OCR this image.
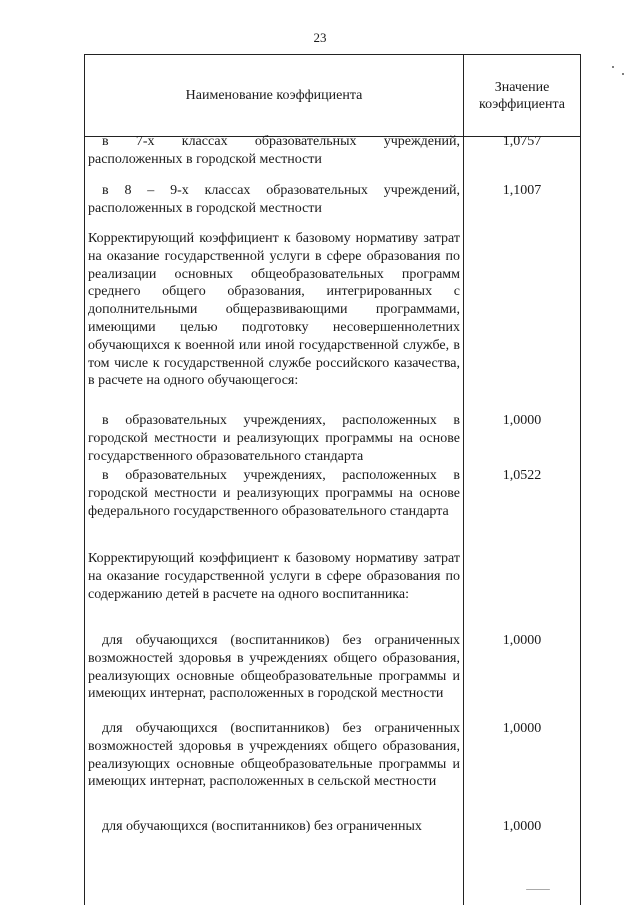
23
Наименование коэффициента
Значение
коэффициента
в 7-х классах образовательных учреждений, расположенных в городской местности
1,0757
в 8 – 9-х классах образовательных учреждений, расположенных в городской местности
1,1007
Корректирующий коэффициент к базовому нормативу затрат на оказание государственной услуги в сфере образования по реализации основных общеобразовательных программ среднего общего образования, интегрированных с дополнительными общеразвивающими программами, имеющими целью подготовку несовершеннолетних обучающихся к военной или иной государственной службе, в том числе к государственной службе российского казачества, в расчете на одного обучающегося:
в образовательных учреждениях, расположенных в городской местности и реализующих программы на основе государственного образовательного стандарта
1,0000
в образовательных учреждениях, расположенных в городской местности и реализующих программы на основе федерального государственного образовательного стандарта
1,0522
Корректирующий коэффициент к базовому нормативу затрат на оказание государственной услуги в сфере образования по содержанию детей в расчете на одного воспитанника:
для обучающихся (воспитанников) без ограниченных возможностей здоровья в учреждениях общего образования, реализующих основные общеобразовательные программы и имеющих интернат, расположенных в городской местности
1,0000
для обучающихся (воспитанников) без ограниченных возможностей здоровья в учреждениях общего образования, реализующих основные общеобразовательные программы и имеющих интернат, расположенных в сельской местности
1,0000
для обучающихся (воспитанников) без ограниченных	1,0000
